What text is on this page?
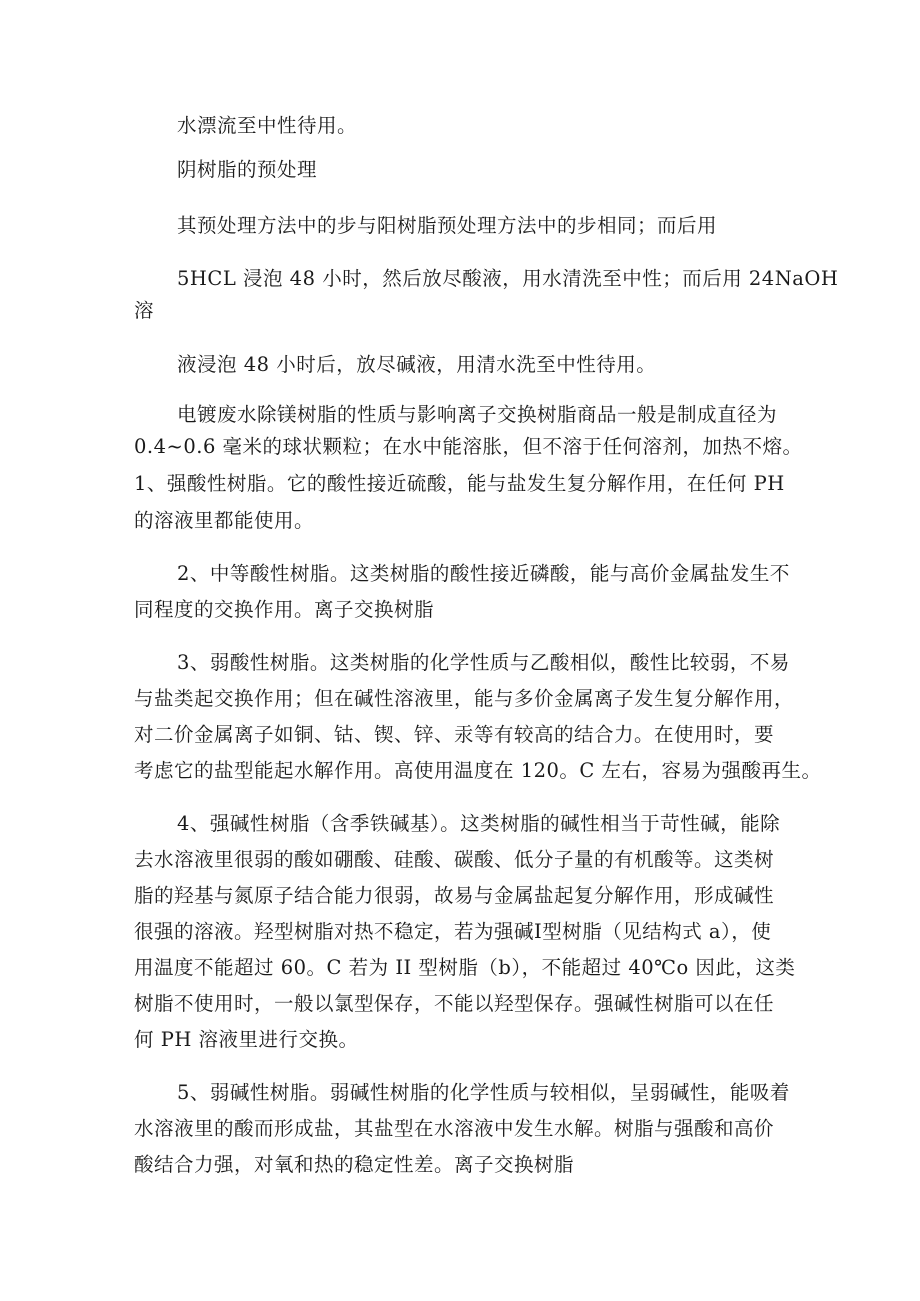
水漂流至中性待用。
阴树脂的预处理
其预处理方法中的步与阳树脂预处理方法中的步相同；而后用
5HCL 浸泡 48 小时，然后放尽酸液，用水清洗至中性；而后用 24NaOH
溶
液浸泡 48 小时后，放尽碱液，用清水洗至中性待用。
电镀废水除镁树脂的性质与影响离子交换树脂商品一般是制成直径为
0.4~0.6 毫米的球状颗粒；在水中能溶胀，但不溶于任何溶剂，加热不熔。
1、强酸性树脂。它的酸性接近硫酸，能与盐发生复分解作用，在任何 PH
的溶液里都能使用。
2、中等酸性树脂。这类树脂的酸性接近磷酸，能与高价金属盐发生不
同程度的交换作用。离子交换树脂
3、弱酸性树脂。这类树脂的化学性质与乙酸相似，酸性比较弱，不易
与盐类起交换作用；但在碱性溶液里，能与多价金属离子发生复分解作用，
对二价金属离子如铜、钴、锲、锌、汞等有较高的结合力。在使用时，要
考虑它的盐型能起水解作用。高使用温度在 120。C 左右，容易为强酸再生。
4、强碱性树脂（含季铁碱基）。这类树脂的碱性相当于苛性碱，能除
去水溶液里很弱的酸如硼酸、硅酸、碳酸、低分子量的有机酸等。这类树
脂的羟基与氮原子结合能力很弱，故易与金属盐起复分解作用，形成碱性
很强的溶液。羟型树脂对热不稳定，若为强碱Ⅰ型树脂（见结构式 a），使
用温度不能超过 60。C 若为 II 型树脂（b），不能超过 40℃o 因此，这类
树脂不使用时，一般以氯型保存，不能以羟型保存。强碱性树脂可以在任
何 PH 溶液里进行交换。
5、弱碱性树脂。弱碱性树脂的化学性质与较相似，呈弱碱性，能吸着
水溶液里的酸而形成盐，其盐型在水溶液中发生水解。树脂与强酸和高价
酸结合力强，对氧和热的稳定性差。离子交换树脂
